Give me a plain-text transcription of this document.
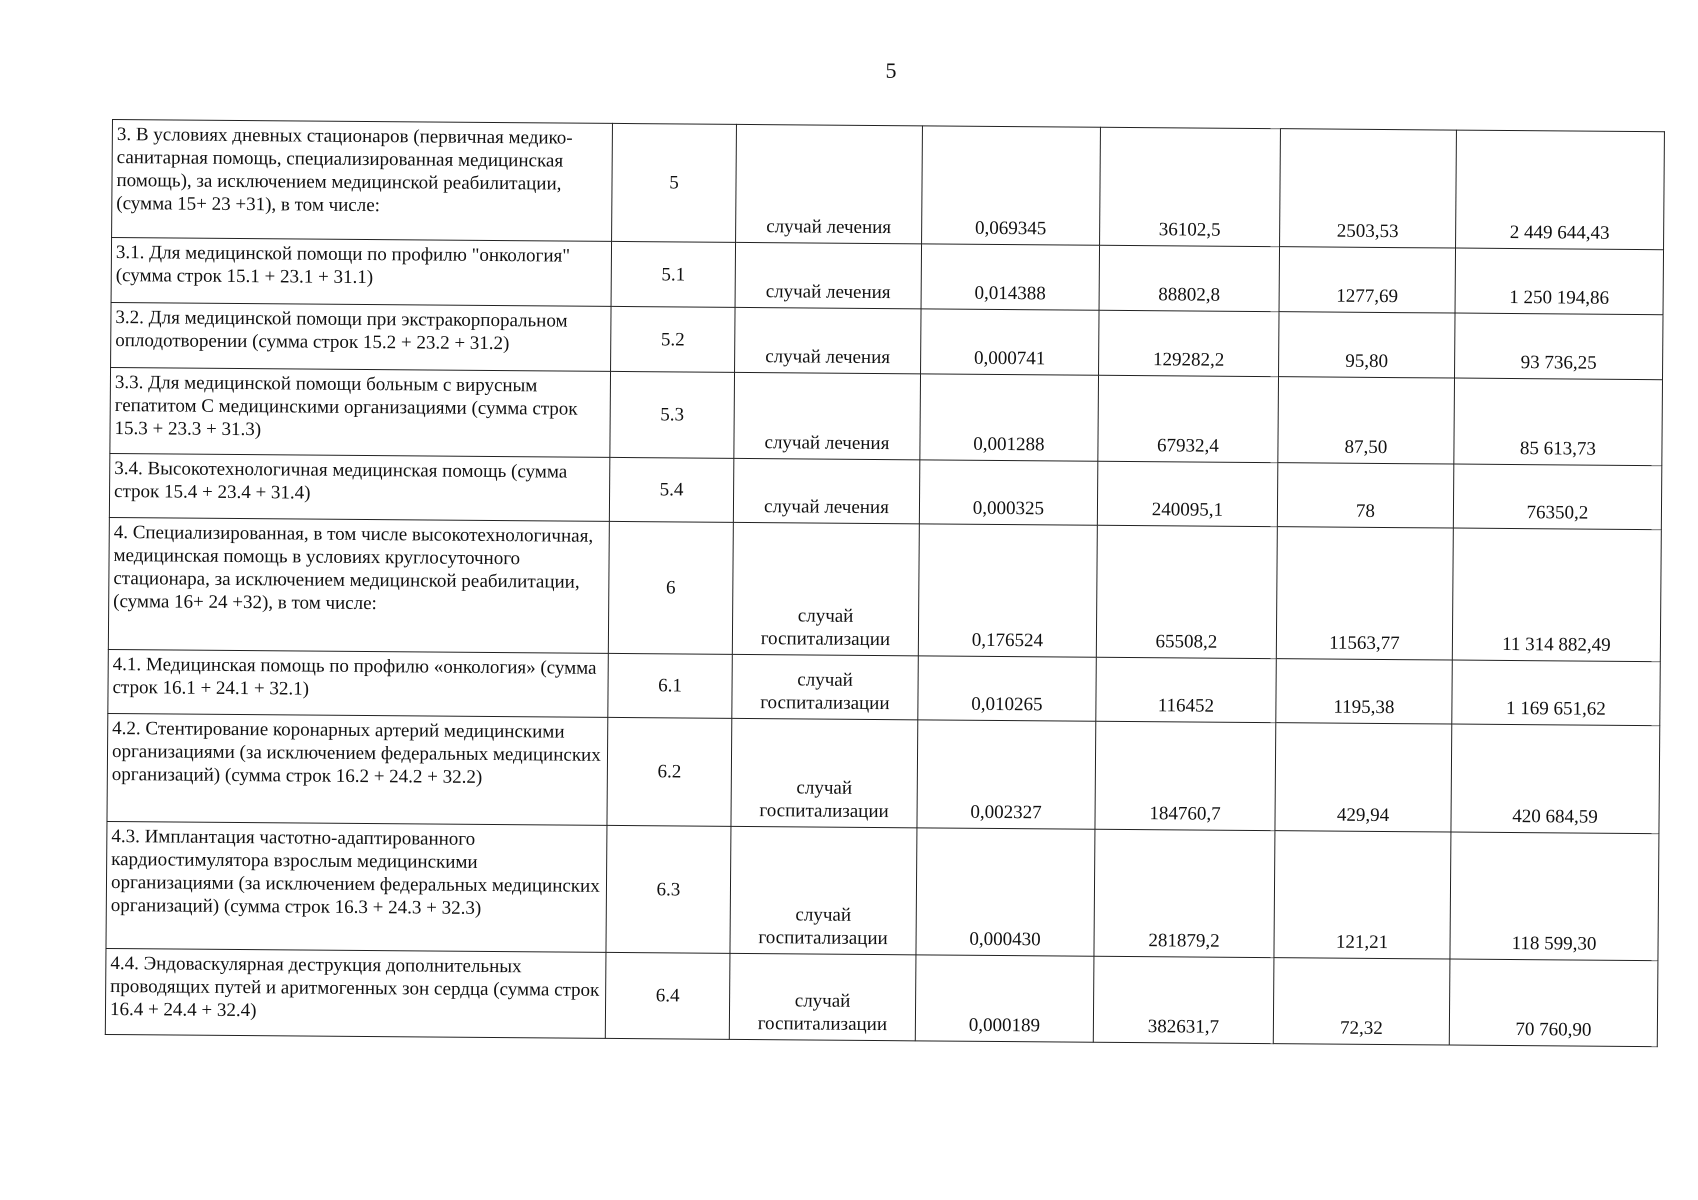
5
3. В условиях дневных стационаров (первичная медико-санитарная помощь, специализированная медицинская помощь), за исключением медицинской реабилитации, (сумма 15+ 23 +31), в том числе:	5	случай лечения	0,069345	36102,5	2503,53	2 449 644,43
3.1. Для медицинской помощи по профилю "онкология" (сумма строк 15.1 + 23.1 + 31.1)	5.1	случай лечения	0,014388	88802,8	1277,69	1 250 194,86
3.2. Для медицинской помощи при экстракорпоральном оплодотворении (сумма строк 15.2 + 23.2 + 31.2)	5.2	случай лечения	0,000741	129282,2	95,80	93 736,25
3.3. Для медицинской помощи больным с вирусным гепатитом С медицинскими организациями (сумма строк 15.3 + 23.3 + 31.3)	5.3	случай лечения	0,001288	67932,4	87,50	85 613,73
3.4. Высокотехнологичная медицинская помощь (сумма строк 15.4 + 23.4 + 31.4)	5.4	случай лечения	0,000325	240095,1	78	76350,2
4. Специализированная, в том числе высокотехнологичная, медицинская помощь в условиях круглосуточного стационара, за исключением медицинской реабилитации, (сумма 16+ 24 +32), в том числе:	6	случай госпитализации	0,176524	65508,2	11563,77	11 314 882,49
4.1. Медицинская помощь по профилю «онкология» (сумма строк 16.1 + 24.1 + 32.1)	6.1	случай госпитализации	0,010265	116452	1195,38	1 169 651,62
4.2. Стентирование коронарных артерий медицинскими организациями (за исключением федеральных медицинских организаций) (сумма строк 16.2 + 24.2 + 32.2)	6.2	случай госпитализации	0,002327	184760,7	429,94	420 684,59
4.3. Имплантация частотно-адаптированного кардиостимулятора взрослым медицинскими организациями (за исключением федеральных медицинских организаций) (сумма строк 16.3 + 24.3 + 32.3)	6.3	случай госпитализации	0,000430	281879,2	121,21	118 599,30
4.4. Эндоваскулярная деструкция дополнительных проводящих путей и аритмогенных зон сердца (сумма строк 16.4 + 24.4 + 32.4)	6.4	случай госпитализации	0,000189	382631,7	72,32	70 760,90
